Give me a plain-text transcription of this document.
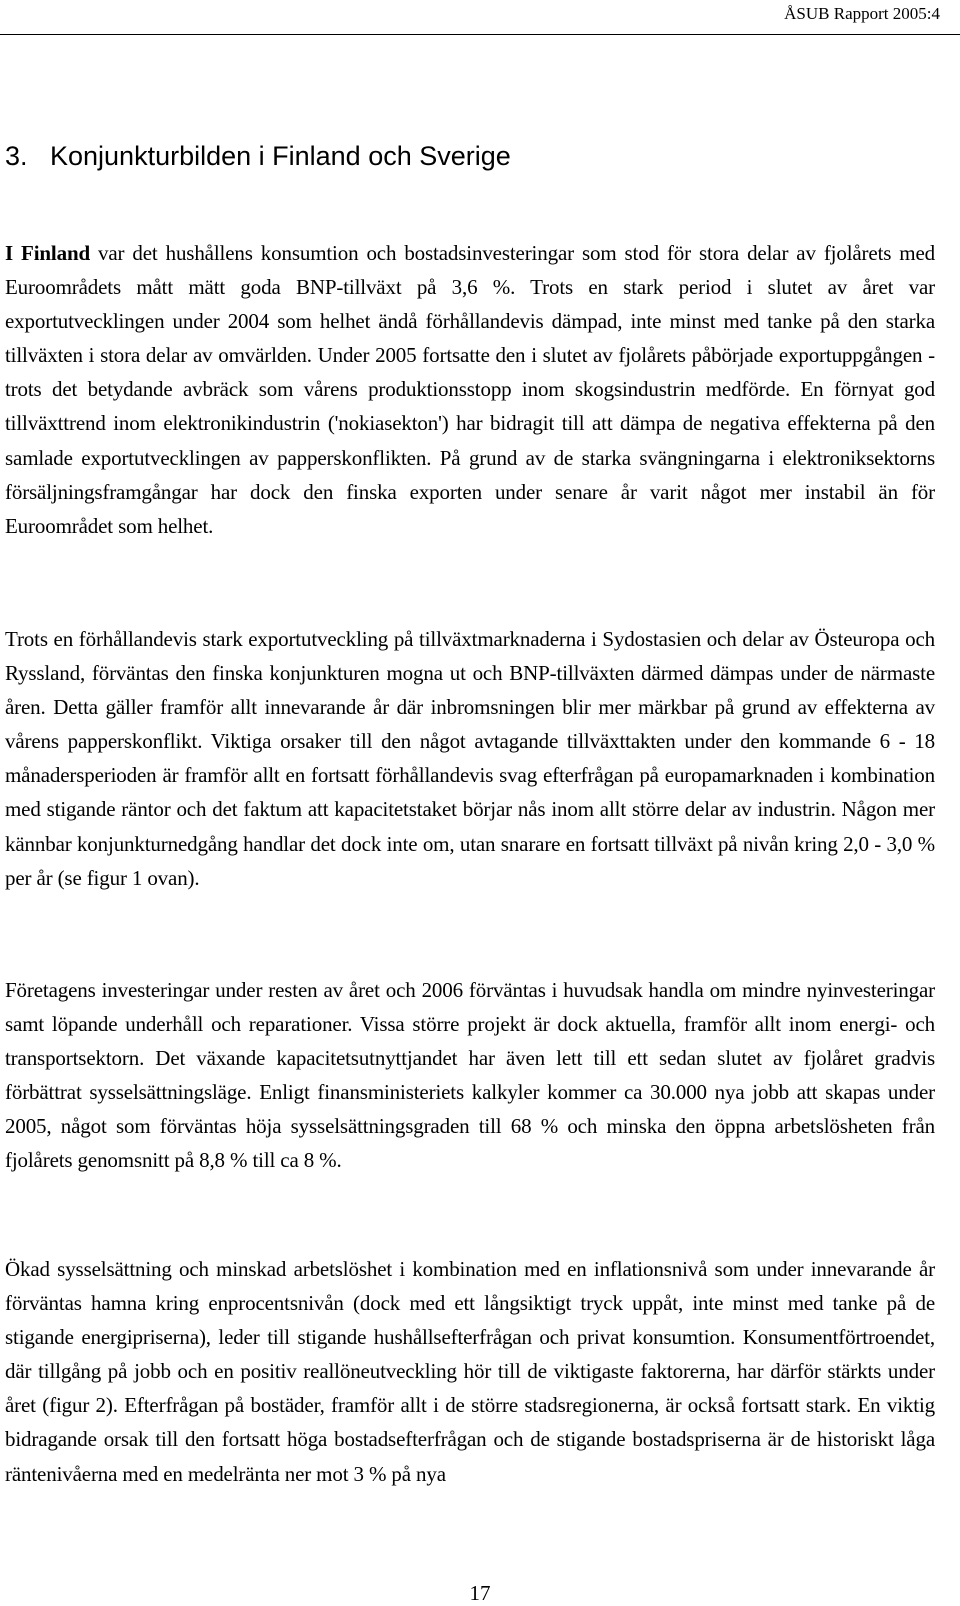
ÅSUB Rapport 2005:4
3. Konjunkturbilden i Finland och Sverige

I Finland var det hushållens konsumtion och bostadsinvesteringar som stod för stora delar av fjolårets med Euroområdets mått mätt goda BNP-tillväxt på 3,6 %. Trots en stark period i slutet av året var exportutvecklingen under 2004 som helhet ändå förhållandevis dämpad, inte minst med tanke på den starka tillväxten i stora delar av omvärlden. Under 2005 fortsatte den i slutet av fjolårets påbörjade exportuppgången - trots det betydande avbräck som vårens produktionsstopp inom skogsindustrin medförde. En förnyat god tillväxttrend inom elektronikindustrin ('nokiasekton') har bidragit till att dämpa de negativa effekterna på den samlade exportutvecklingen av papperskonflikten. På grund av de starka svängningarna i elektroniksektorns försäljningsframgångar har dock den finska exporten under senare år varit något mer instabil än för Euroområdet som helhet.

Trots en förhållandevis stark exportutveckling på tillväxtmarknaderna i Sydostasien och delar av Östeuropa och Ryssland, förväntas den finska konjunkturen mogna ut och BNP-tillväxten därmed dämpas under de närmaste åren. Detta gäller framför allt innevarande år där inbromsningen blir mer märkbar på grund av effekterna av vårens papperskonflikt. Viktiga orsaker till den något avtagande tillväxttakten under den kommande 6 - 18 månadersperioden är framför allt en fortsatt förhållandevis svag efterfrågan på europamarknaden i kombination med stigande räntor och det faktum att kapacitetstaket börjar nås inom allt större delar av industrin. Någon mer kännbar konjunkturnedgång handlar det dock inte om, utan snarare en fortsatt tillväxt på nivån kring 2,0 - 3,0 % per år (se figur 1 ovan).

Företagens investeringar under resten av året och 2006 förväntas i huvudsak handla om mindre nyinvesteringar samt löpande underhåll och reparationer. Vissa större projekt är dock aktuella, framför allt inom energi- och transportsektorn. Det växande kapacitetsutnyttjandet har även lett till ett sedan slutet av fjolåret gradvis förbättrat sysselsättningsläge. Enligt finansministeriets kalkyler kommer ca 30.000 nya jobb att skapas under 2005, något som förväntas höja sysselsättningsgraden till 68 % och minska den öppna arbetslösheten från fjolårets genomsnitt på 8,8 % till ca 8 %.

Ökad sysselsättning och minskad arbetslöshet i kombination med en inflationsnivå som under innevarande år förväntas hamna kring enprocentsnivån (dock med ett långsiktigt tryck uppåt, inte minst med tanke på de stigande energipriserna), leder till stigande hushållsefterfrågan och privat konsumtion. Konsumentförtroendet, där tillgång på jobb och en positiv reallöneutveckling hör till de viktigaste faktorerna, har därför stärkts under året (figur 2). Efterfrågan på bostäder, framför allt i de större stadsregionerna, är också fortsatt stark. En viktig bidragande orsak till den fortsatt höga bostadsefterfrågan och de stigande bostadspriserna är de historiskt låga räntenivåerna med en medelränta ner mot 3 % på nya

17
